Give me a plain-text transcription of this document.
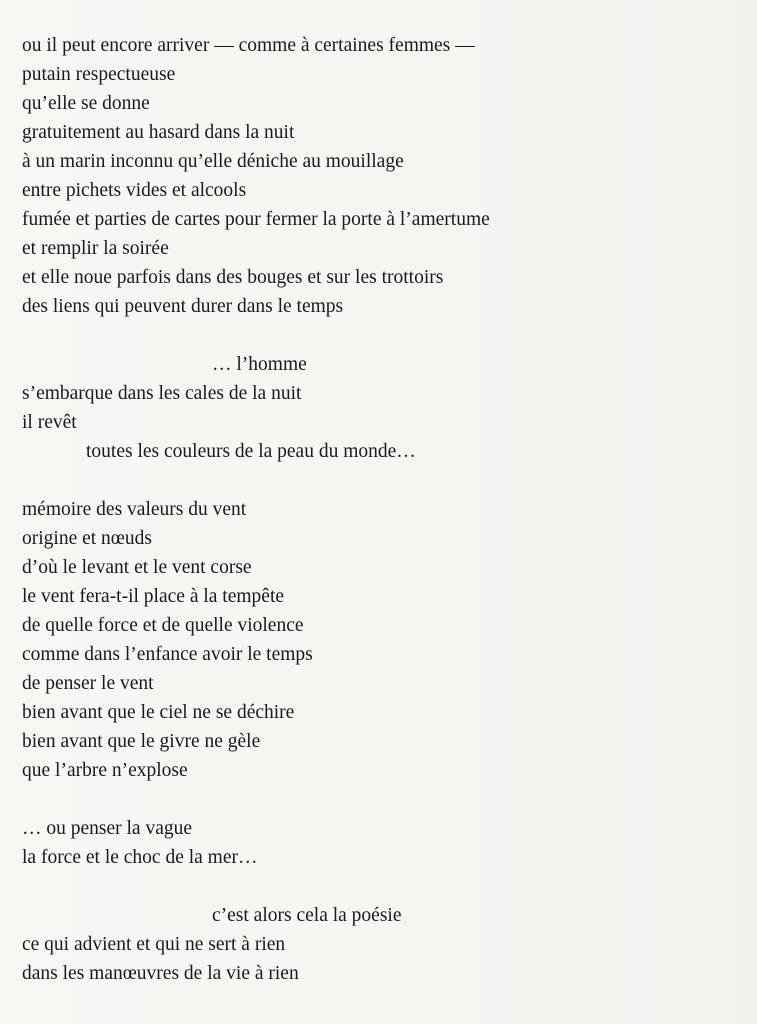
ou il peut encore arriver — comme à certaines femmes —
putain respectueuse
qu’elle se donne
gratuitement au hasard dans la nuit
à un marin inconnu qu’elle déniche au mouillage
entre pichets vides et alcools
fumée et parties de cartes pour fermer la porte à l’amertume
et remplir la soirée
et elle noue parfois dans des bouges et sur les trottoirs
des liens qui peuvent durer dans le temps
… l’homme
s’embarque dans les cales de la nuit
il revêt
toutes les couleurs de la peau du monde…
mémoire des valeurs du vent
origine et nœuds
d’où le levant et le vent corse
le vent fera-t-il place à la tempête
de quelle force et de quelle violence
comme dans l’enfance avoir le temps
de penser le vent
bien avant que le ciel ne se déchire
bien avant que le givre ne gèle
que l’arbre n’explose
… ou penser la vague
la force et le choc de la mer…
c’est alors cela la poésie
ce qui advient et qui ne sert à rien
dans les manœuvres de la vie à rien
